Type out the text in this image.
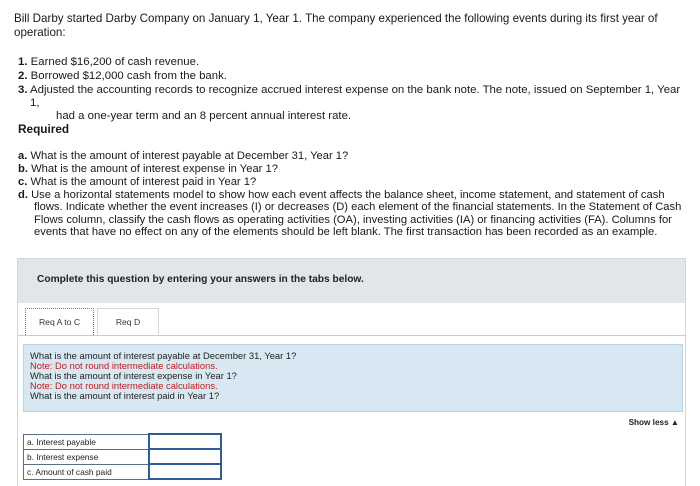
Bill Darby started Darby Company on January 1, Year 1. The company experienced the following events during its first year of operation:
1. Earned $16,200 of cash revenue.
2. Borrowed $12,000 cash from the bank.
3. Adjusted the accounting records to recognize accrued interest expense on the bank note. The note, issued on September 1, Year 1,
had a one-year term and an 8 percent annual interest rate.
Required
a. What is the amount of interest payable at December 31, Year 1?
b. What is the amount of interest expense in Year 1?
c. What is the amount of interest paid in Year 1?
d. Use a horizontal statements model to show how each event affects the balance sheet, income statement, and statement of cash
flows. Indicate whether the event increases (I) or decreases (D) each element of the financial statements. In the Statement of Cash Flows column, classify the cash flows as operating activities (OA), investing activities (IA) or financing activities (FA). Columns for events that have no effect on any of the elements should be left blank. The first transaction has been recorded as an example.
Complete this question by entering your answers in the tabs below.
Req A to C	Req D
What is the amount of interest payable at December 31, Year 1?
Note: Do not round intermediate calculations.
What is the amount of interest expense in Year 1?
Note: Do not round intermediate calculations.
What is the amount of interest paid in Year 1?
Show less ▲
a. Interest payable	
b. Interest expense	
c. Amount of cash paid	
